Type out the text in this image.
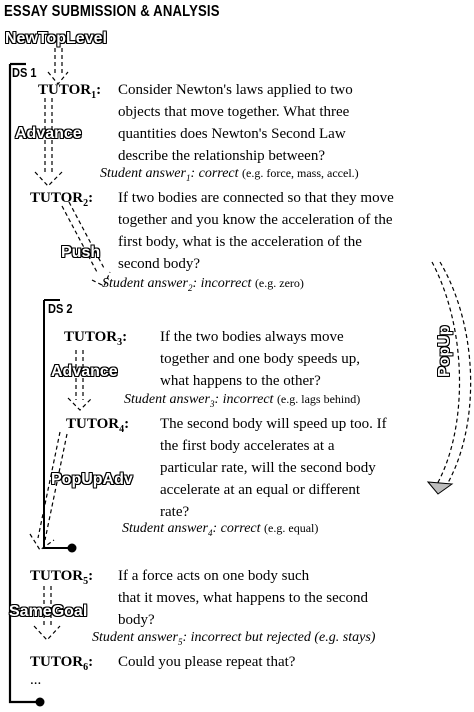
ESSAY SUBMISSION & ANALYSIS
NewTopLevel
DS 1
DS 2
$TUTOR_1$: Consider Newton's laws applied to two
objects that move together. What three
quantities does Newton's Second Law
describe the relationship between?
Advance
Student answer$_1$: correct (e.g. force, mass, accel.)
$TUTOR_2$: If two bodies are connected so that they move
together and you know the acceleration of the
first body, what is the acceleration of the
second body?
Push
Student answer$_2$: incorrect (e.g. zero)
$TUTOR_3$: If the two bodies always move
together and one body speeds up,
what happens to the other?
Advance
Student answer$_3$: incorrect (e.g. lags behind)
$TUTOR_4$: The second body will speed up too. If
the first body accelerates at a
particular rate, will the second body
accelerate at an equal or different
rate?
PopUpAdv
Student answer$_4$: correct (e.g. equal)
PopUp
$TUTOR_5$: If a force acts on one body such
that it moves, what happens to the second
body?
SameGoal
Student answer$_5$: incorrect but rejected (e.g. stays)
$TUTOR_6$: Could you please repeat that?
...
